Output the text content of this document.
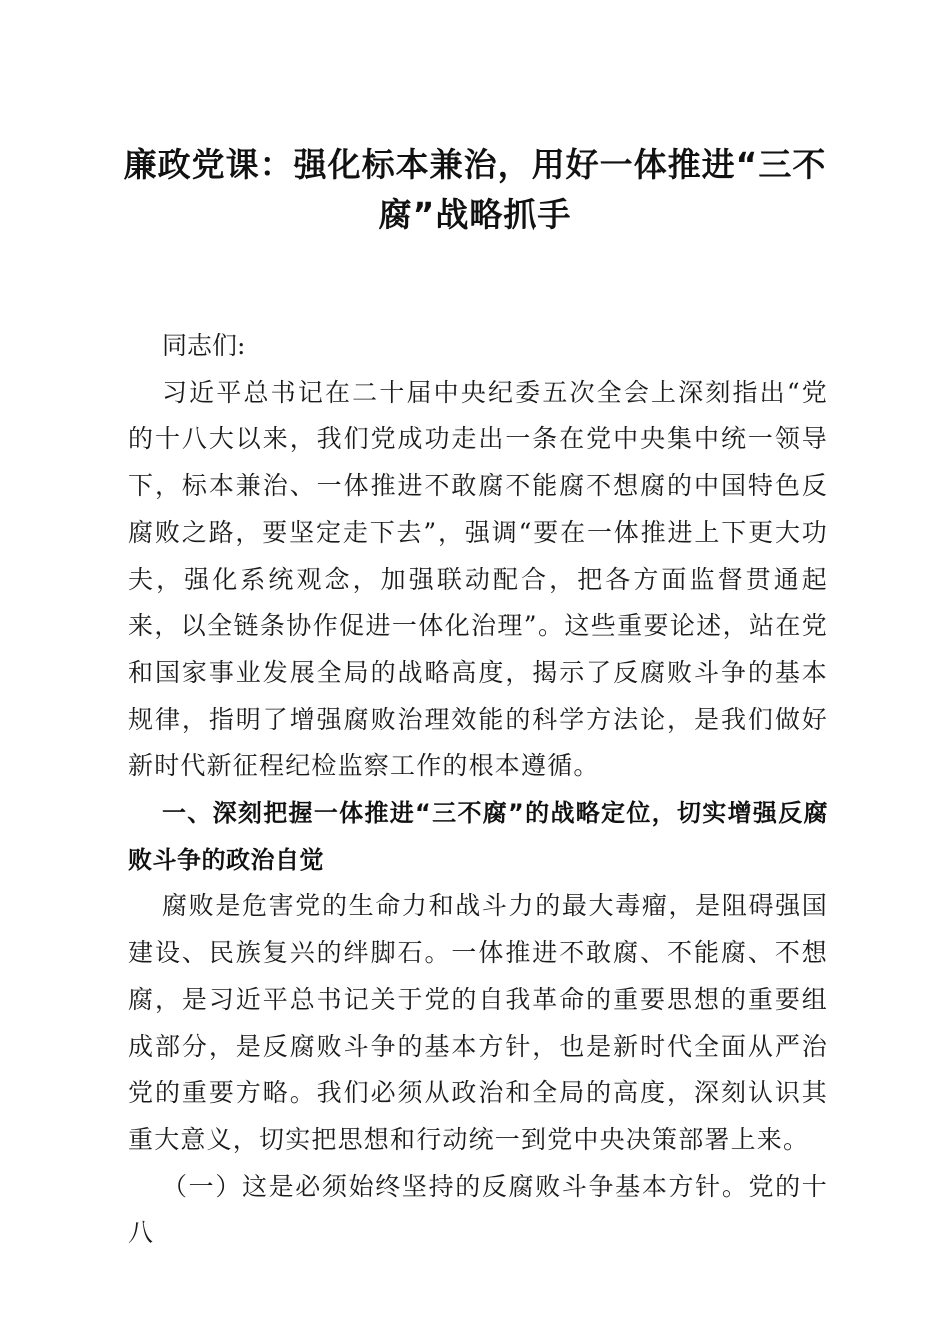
廉政党课：强化标本兼治，用好一体推进“三不腐”战略抓手

同志们:

习近平总书记在二十届中央纪委五次全会上深刻指出“党的十八大以来，我们党成功走出一条在党中央集中统一领导下，标本兼治、一体推进不敢腐不能腐不想腐的中国特色反腐败之路，要坚定走下去”，强调“要在一体推进上下更大功夫，强化系统观念，加强联动配合，把各方面监督贯通起来，以全链条协作促进一体化治理”。这些重要论述，站在党和国家事业发展全局的战略高度，揭示了反腐败斗争的基本规律，指明了增强腐败治理效能的科学方法论，是我们做好新时代新征程纪检监察工作的根本遵循。

一、深刻把握一体推进“三不腐”的战略定位，切实增强反腐败斗争的政治自觉

腐败是危害党的生命力和战斗力的最大毒瘤，是阻碍强国建设、民族复兴的绊脚石。一体推进不敢腐、不能腐、不想腐，是习近平总书记关于党的自我革命的重要思想的重要组成部分，是反腐败斗争的基本方针，也是新时代全面从严治党的重要方略。我们必须从政治和全局的高度，深刻认识其重大意义，切实把思想和行动统一到党中央决策部署上来。

（一）这是必须始终坚持的反腐败斗争基本方针。党的十八
